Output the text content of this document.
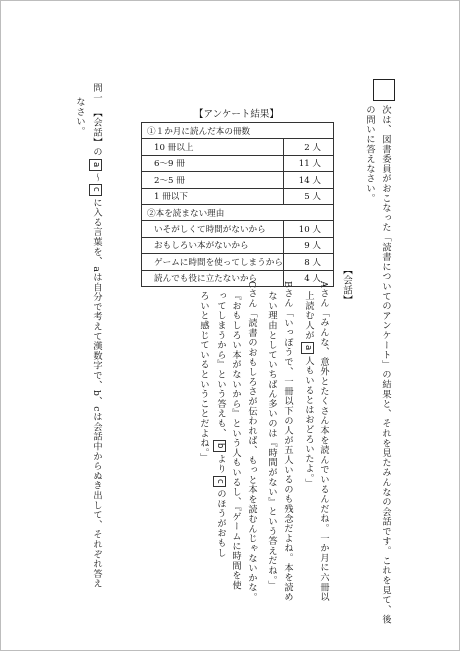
次は、図書委員がおこなった「読書についてのアンケート」の結果と、それを見たみんなの会話です。これを見て、後
の問いに答えなさい。
【会話】
Aさん「みんな、意外とたくさん本を読んでいるんだね。一か月に六冊以
上読む人がa人もいるとはおどろいたよ。」
Bさん「いっぽうで、一冊以下の人が五人いるのも残念だよね。本を読め
ない理由としていちばん多いのは『時間がない』という答えだね。」
Cさん「読書のおもしろさが伝われば、もっと本を読むんじゃないかな。
『おもしろい本がないから』という人もいるし、『ゲームに時間を使
ってしまうから』という答えも、bよりcのほうがおもし
ろいと感じているということだよね。」
【アンケート結果】
①１か月に読んだ本の冊数	
10 冊以上	2 人
6〜9 冊	11 人
2〜5 冊	14 人
1 冊以下	5 人
②本を読まない理由	
いそがしくて時間がないから	10 人
おもしろい本がないから	9 人
ゲームに時間を使ってしまうから	8 人
読んでも役に立たないから	4 人
問一　【会話】のa〜cに入る言葉を、aは自分で考えて漢数字で、b、cは会話中からぬき出して、それぞれ答え
なさい。
